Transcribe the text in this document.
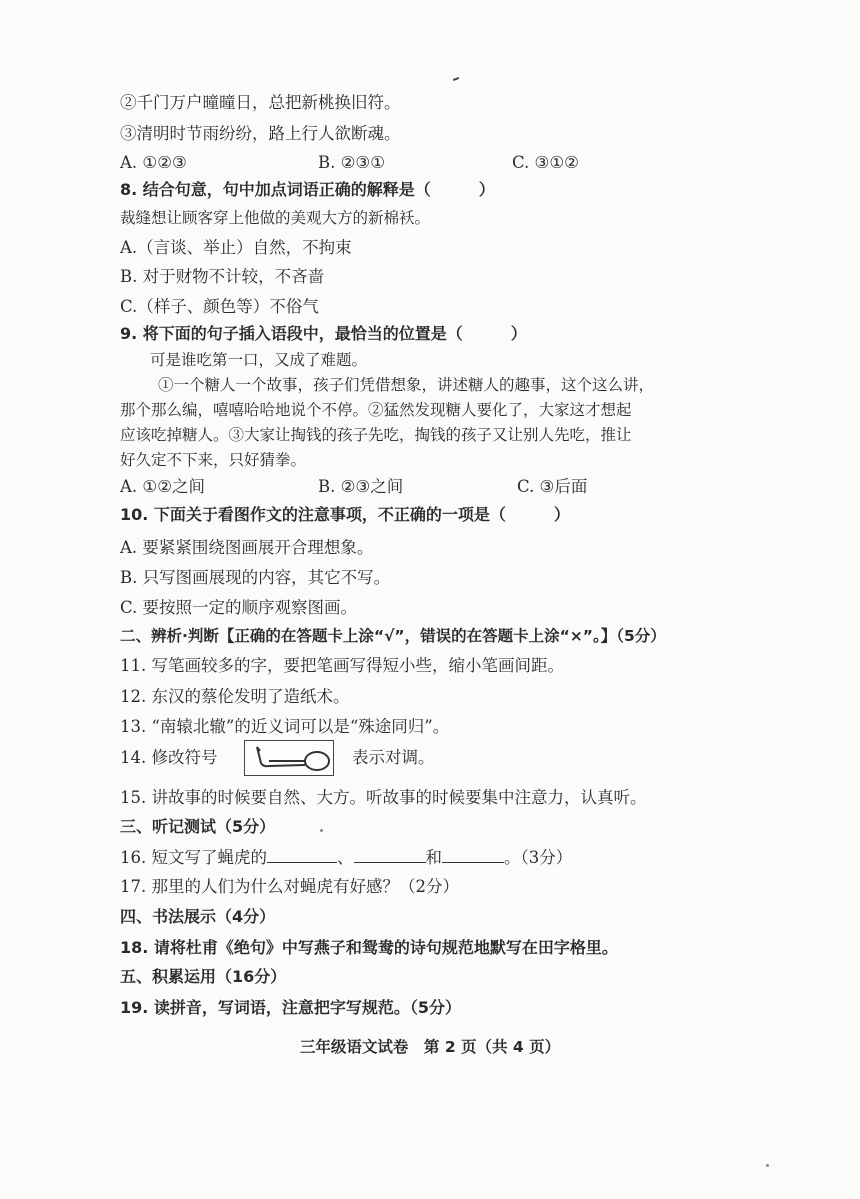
②千门万户曈曈日，总把新桃换旧符。
③清明时节雨纷纷，路上行人欲断魂。
A. ①②③	B. ②③①	C. ③①②
8. 结合句意，句中加点词语正确的解释是（　　　）
裁缝想让顾客穿上他做的美观大方的新棉袄。
A.（言谈、举止）自然，不拘束
B. 对于财物不计较，不吝啬
C.（样子、颜色等）不俗气
9. 将下面的句子插入语段中，最恰当的位置是（　　　）
可是谁吃第一口，又成了难题。
①一个糖人一个故事，孩子们凭借想象，讲述糖人的趣事，这个这么讲，
那个那么编，嘻嘻哈哈地说个不停。②猛然发现糖人要化了，大家这才想起
应该吃掉糖人。③大家让掏钱的孩子先吃，掏钱的孩子又让别人先吃，推让
好久定不下来，只好猜拳。
A. ①②之间	B. ②③之间	C. ③后面
10. 下面关于看图作文的注意事项，不正确的一项是（　　　）
A. 要紧紧围绕图画展开合理想象。
B. 只写图画展现的内容，其它不写。
C. 要按照一定的顺序观察图画。
二、辨析·判断【正确的在答题卡上涂“√”，错误的在答题卡上涂“×”。】（5分）
11. 写笔画较多的字，要把笔画写得短小些，缩小笔画间距。
12. 东汉的蔡伦发明了造纸术。
13. “南辕北辙”的近义词可以是“殊途同归”。
14. 修改符号	表示对调。
15. 讲故事的时候要自然、大方。听故事的时候要集中注意力，认真听。
三、听记测试（5分）
16. 短文写了蝇虎的	、	和	。（3分）
17. 那里的人们为什么对蝇虎有好感？（2分）
四、书法展示（4分）
18. 请将杜甫《绝句》中写燕子和鸳鸯的诗句规范地默写在田字格里。
五、积累运用（16分）
19. 读拼音，写词语，注意把字写规范。（5分）
三年级语文试卷　第 2 页（共 4 页）
